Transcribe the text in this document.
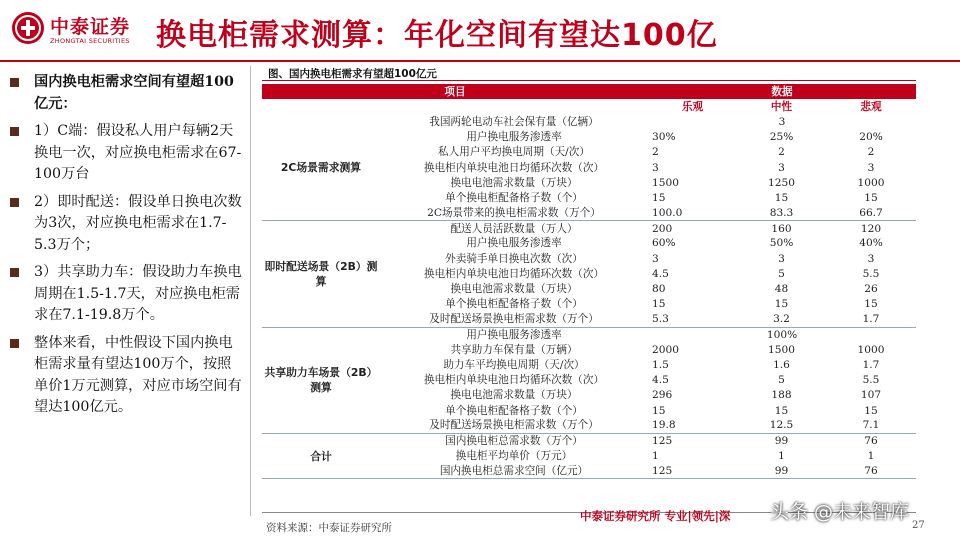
中泰证券
ZHONGTAI SECURITIES 换电柜需求测算：年化空间有望达100亿
国内换电柜需求空间有望超100亿元：
1）C端：假设私人用户每辆2天换电一次，对应换电柜需求在67-100万台
2）即时配送：假设单日换电次数为3次，对应换电柜需求在1.7-5.3万个；
3）共享助力车：假设助力车换电周期在1.5-1.7天，对应换电柜需求在7.1-19.8万个。
整体来看，中性假设下国内换电柜需求量有望达100万个，按照单价1万元测算，对应市场空间有望达100亿元。
图、国内换电柜需求有望超100亿元
项目		数据		
		乐观	中性	悲观
2C场景需求测算	我国两轮电动车社会保有量（亿辆）	3		
	用户换电服务渗透率	30%	25%	20%
	私人用户平均换电周期（天/次）	2	2	2
	换电柜内单块电池日均循环次数（次）	3	3	3
	换电电池需求数量（万块）	1500	1250	1000
	单个换电柜配备格子数（个）	15	15	15
	2C场景带来的换电柜需求数（万个）	100.0	83.3	66.7
即时配送场景（2B）测算	配送人员活跃数量（万人）	200	160	120
	用户换电服务渗透率	60%	50%	40%
	外卖骑手单日换电次数（次）	3	3	3
	换电柜内单块电池日均循环次数（次）	4.5	5	5.5
	换电电池需求数量（万块）	80	48	26
	单个换电柜配备格子数（个）	15	15	15
	及时配送场景换电柜需求数（万个）	5.3	3.2	1.7
共享助力车场景（2B）测算	用户换电服务渗透率	100%		
	共享助力车保有量（万辆）	2000	1500	1000
	助力车平均换电周期（天/次）	1.5	1.6	1.7
	换电柜内单块电池日均循环次数（次）	4.5	5	5.5
	换电电池需求数量（万块）	296	188	107
	单个换电柜配备格子数（个）	15	15	15
	及时配送场景换电柜需求数（万个）	19.8	12.5	7.1
合计	国内换电柜总需求数（万个）	125	99	76
	换电柜平均单价（万元）	1	1	1
	国内换电柜总需求空间（亿元）	125	99	76
资料来源：中泰证券研究所
中泰证券研究所 专业|领先|深 头条 @未来智库
27
